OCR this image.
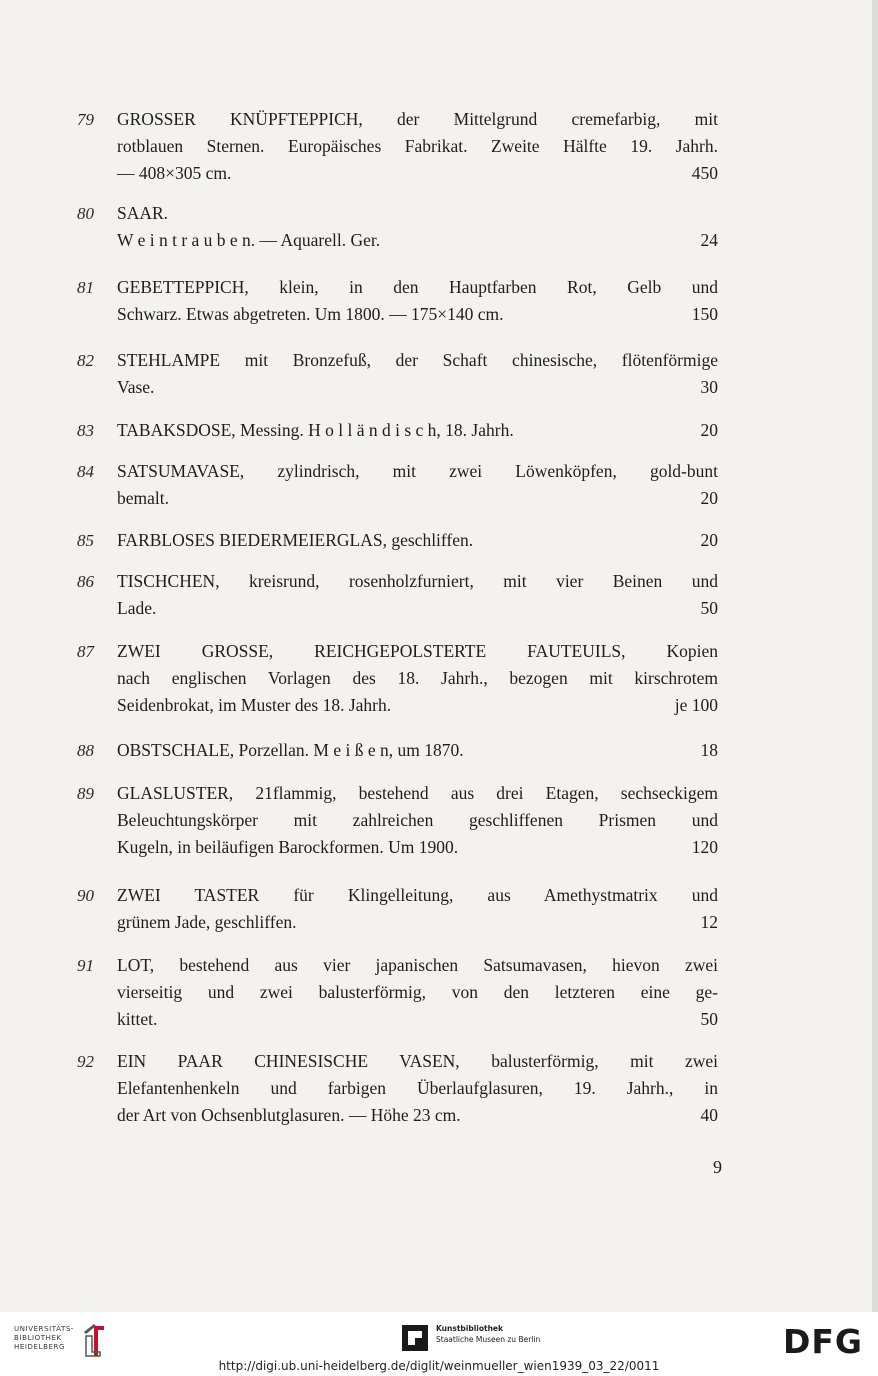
79 GROSSER KNÜPFTEPPICH, der Mittelgrund cremefarbig, mit
rotblauen Sternen. Europäisches Fabrikat. Zweite Hälfte 19. Jahrh.
— 408×305 cm.	450
80 SAAR.
W e i n t r a u b e n. — Aquarell. Ger.	24
81 GEBETTEPPICH, klein, in den Hauptfarben Rot, Gelb und
Schwarz. Etwas abgetreten. Um 1800. — 175×140 cm.	150
82 STEHLAMPE mit Bronzefuß, der Schaft chinesische, flötenförmige
Vase.	30
83 TABAKSDOSE, Messing. H o l l ä n d i s c h, 18. Jahrh.	20
84 SATSUMAVASE, zylindrisch, mit zwei Löwenköpfen, gold-bunt
bemalt.	20
85 FARBLOSES BIEDERMEIERGLAS, geschliffen.	20
86 TISCHCHEN, kreisrund, rosenholzfurniert, mit vier Beinen und
Lade.	50
87 ZWEI GROSSE, REICHGEPOLSTERTE FAUTEUILS, Kopien
nach englischen Vorlagen des 18. Jahrh., bezogen mit kirschrotem
Seidenbrokat, im Muster des 18. Jahrh.	je 100
88 OBSTSCHALE, Porzellan. M e i ß e n, um 1870.	18
89 GLASLUSTER, 21flammig, bestehend aus drei Etagen, sechseckigem
Beleuchtungskörper mit zahlreichen geschliffenen Prismen und
Kugeln, in beiläufigen Barockformen. Um 1900.	120
90 ZWEI TASTER für Klingelleitung, aus Amethystmatrix und
grünem Jade, geschliffen.	12
91 LOT, bestehend aus vier japanischen Satsumavasen, hievon zwei
vierseitig und zwei balusterförmig, von den letzteren eine ge-
kittet.	50
92 EIN PAAR CHINESISCHE VASEN, balusterförmig, mit zwei
Elefantenhenkeln und farbigen Überlaufglasuren, 19. Jahrh., in
der Art von Ochsenblutglasuren. — Höhe 23 cm.	40
9
UNIVERSITÄTS-
BIBLIOTHEK
HEIDELBERG
Kunstbibliothek
Staatliche Museen zu Berlin	DFG
http://digi.ub.uni-heidelberg.de/diglit/weinmueller_wien1939_03_22/0011
